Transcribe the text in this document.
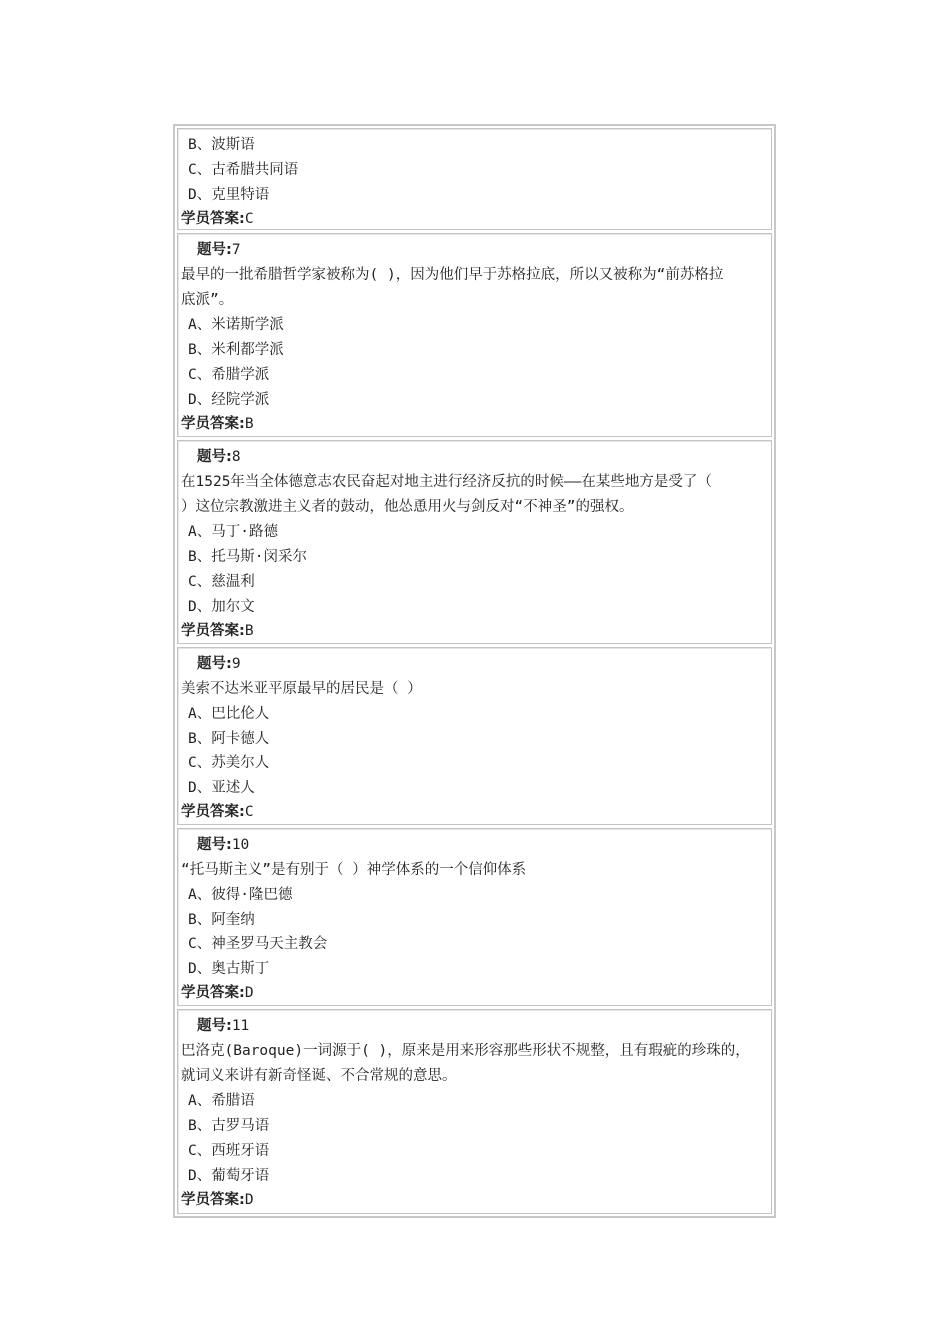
B、波斯语
C、古希腊共同语
D、克里特语
学员答案:C
题号:7
最早的一批希腊哲学家被称为( )，因为他们早于苏格拉底，所以又被称为“前苏格拉
底派”。
A、米诺斯学派
B、米利都学派
C、希腊学派
D、经院学派
学员答案:B
题号:8
在1525年当全体德意志农民奋起对地主进行经济反抗的时候——在某些地方是受了（
）这位宗教激进主义者的鼓动，他怂恿用火与剑反对“不神圣”的强权。
A、马丁·路德
B、托马斯·闵采尔
C、慈温利
D、加尔文
学员答案:B
题号:9
美索不达米亚平原最早的居民是（ ）
A、巴比伦人
B、阿卡德人
C、苏美尔人
D、亚述人
学员答案:C
题号:10
“托马斯主义”是有别于（ ）神学体系的一个信仰体系
A、彼得·隆巴德
B、阿奎纳
C、神圣罗马天主教会
D、奥古斯丁
学员答案:D
题号:11
巴洛克(Baroque)一词源于( )，原来是用来形容那些形状不规整，且有瑕疵的珍珠的，
就词义来讲有新奇怪诞、不合常规的意思。
A、希腊语
B、古罗马语
C、西班牙语
D、葡萄牙语
学员答案:D
